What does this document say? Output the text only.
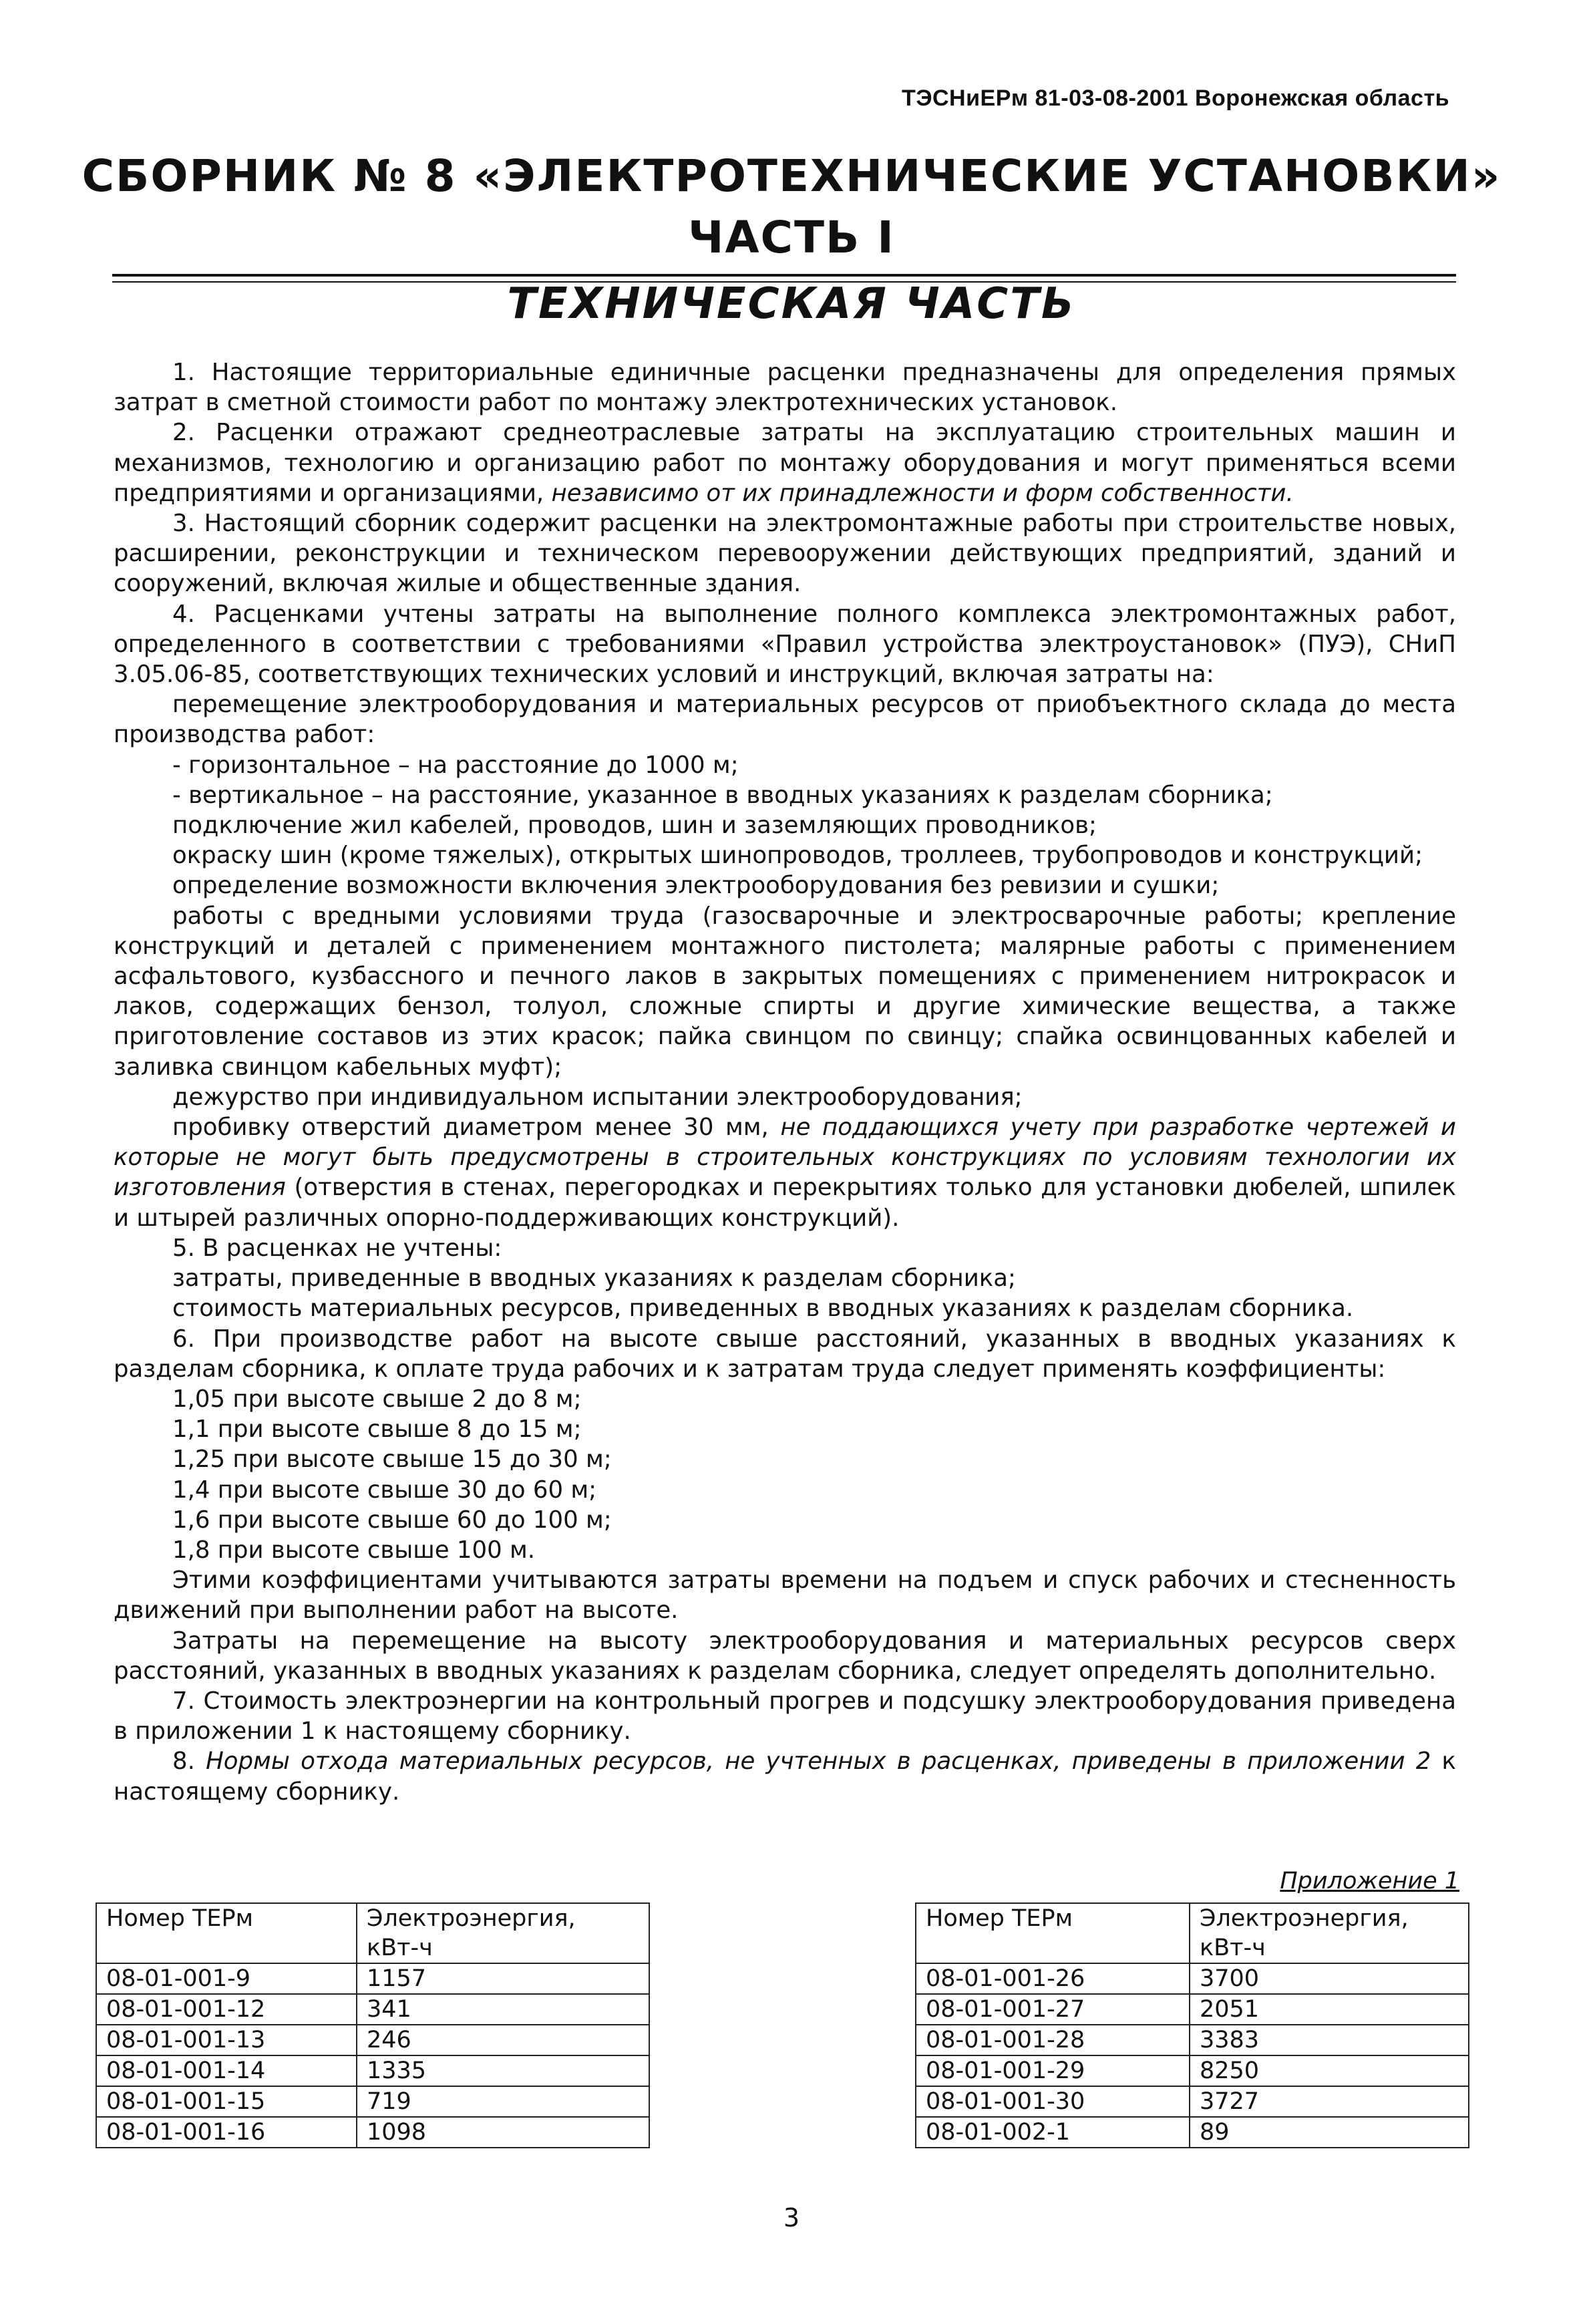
ТЭСНиЕРм 81-03-08-2001 Воронежская область
СБОРНИК № 8 «ЭЛЕКТРОТЕХНИЧЕСКИЕ УСТАНОВКИ»
ЧАСТЬ I
ТЕХНИЧЕСКАЯ ЧАСТЬ

1. Настоящие территориальные единичные расценки предназначены для определения прямых затрат в сметной стоимости работ по монтажу электротехнических установок.

2. Расценки отражают среднеотраслевые затраты на эксплуатацию строительных машин и механизмов, технологию и организацию работ по монтажу оборудования и могут применяться всеми предприятиями и организациями, независимо от их принадлежности и форм собственности.

3. Настоящий сборник содержит расценки на электромонтажные работы при строительстве новых, расширении, реконструкции и техническом перевооружении действующих предприятий, зданий и сооружений, включая жилые и общественные здания.

4. Расценками учтены затраты на выполнение полного комплекса электромонтажных работ, определенного в соответствии с требованиями «Правил устройства электроустановок» (ПУЭ), СНиП 3.05.06-85, соответствующих технических условий и инструкций, включая затраты на:

перемещение электрооборудования и материальных ресурсов от приобъектного склада до места производства работ:

- горизонтальное – на расстояние до 1000 м;

- вертикальное – на расстояние, указанное в вводных указаниях к разделам сборника;

подключение жил кабелей, проводов, шин и заземляющих проводников;

окраску шин (кроме тяжелых), открытых шинопроводов, троллеев, трубопроводов и конструкций;

определение возможности включения электрооборудования без ревизии и сушки;

работы с вредными условиями труда (газосварочные и электросварочные работы; крепление конструкций и деталей с применением монтажного пистолета; малярные работы с применением асфальтового, кузбассного и печного лаков в закрытых помещениях с применением нитрокрасок и лаков, содержащих бензол, толуол, сложные спирты и другие химические вещества, а также приготовление составов из этих красок; пайка свинцом по свинцу; спайка освинцованных кабелей и заливка свинцом кабельных муфт);

дежурство при индивидуальном испытании электрооборудования;

пробивку отверстий диаметром менее 30 мм, не поддающихся учету при разработке чертежей и которые не могут быть предусмотрены в строительных конструкциях по условиям технологии их изготовления (отверстия в стенах, перегородках и перекрытиях только для установки дюбелей, шпилек и штырей различных опорно-поддерживающих конструкций).

5. В расценках не учтены:

затраты, приведенные в вводных указаниях к разделам сборника;

стоимость материальных ресурсов, приведенных в вводных указаниях к разделам сборника.

6. При производстве работ на высоте свыше расстояний, указанных в вводных указаниях к разделам сборника, к оплате труда рабочих и к затратам труда следует применять коэффициенты:

1,05 при высоте свыше 2 до 8 м;

1,1 при высоте свыше 8 до 15 м;

1,25 при высоте свыше 15 до 30 м;

1,4 при высоте свыше 30 до 60 м;

1,6 при высоте свыше 60 до 100 м;

1,8 при высоте свыше 100 м.

Этими коэффициентами учитываются затраты времени на подъем и спуск рабочих и стесненность движений при выполнении работ на высоте.

Затраты на перемещение на высоту электрооборудования и материальных ресурсов сверх расстояний, указанных в вводных указаниях к разделам сборника, следует определять дополнительно.

7. Стоимость электроэнергии на контрольный прогрев и подсушку электрооборудования приведена в приложении 1 к настоящему сборнику.

8. Нормы отхода материальных ресурсов, не учтенных в расценках, приведены в приложении 2 к настоящему сборнику.

Приложение 1
Номер ТЕРм	Электроэнергия,
кВт-ч

08-01-001-9	1157
08-01-001-12	341
08-01-001-13	246
08-01-001-14	1335
08-01-001-15	719
08-01-001-16	1098
Номер ТЕРм	Электроэнергия,
кВт-ч

08-01-001-26	3700
08-01-001-27	2051
08-01-001-28	3383
08-01-001-29	8250
08-01-001-30	3727
08-01-002-1	89
3
